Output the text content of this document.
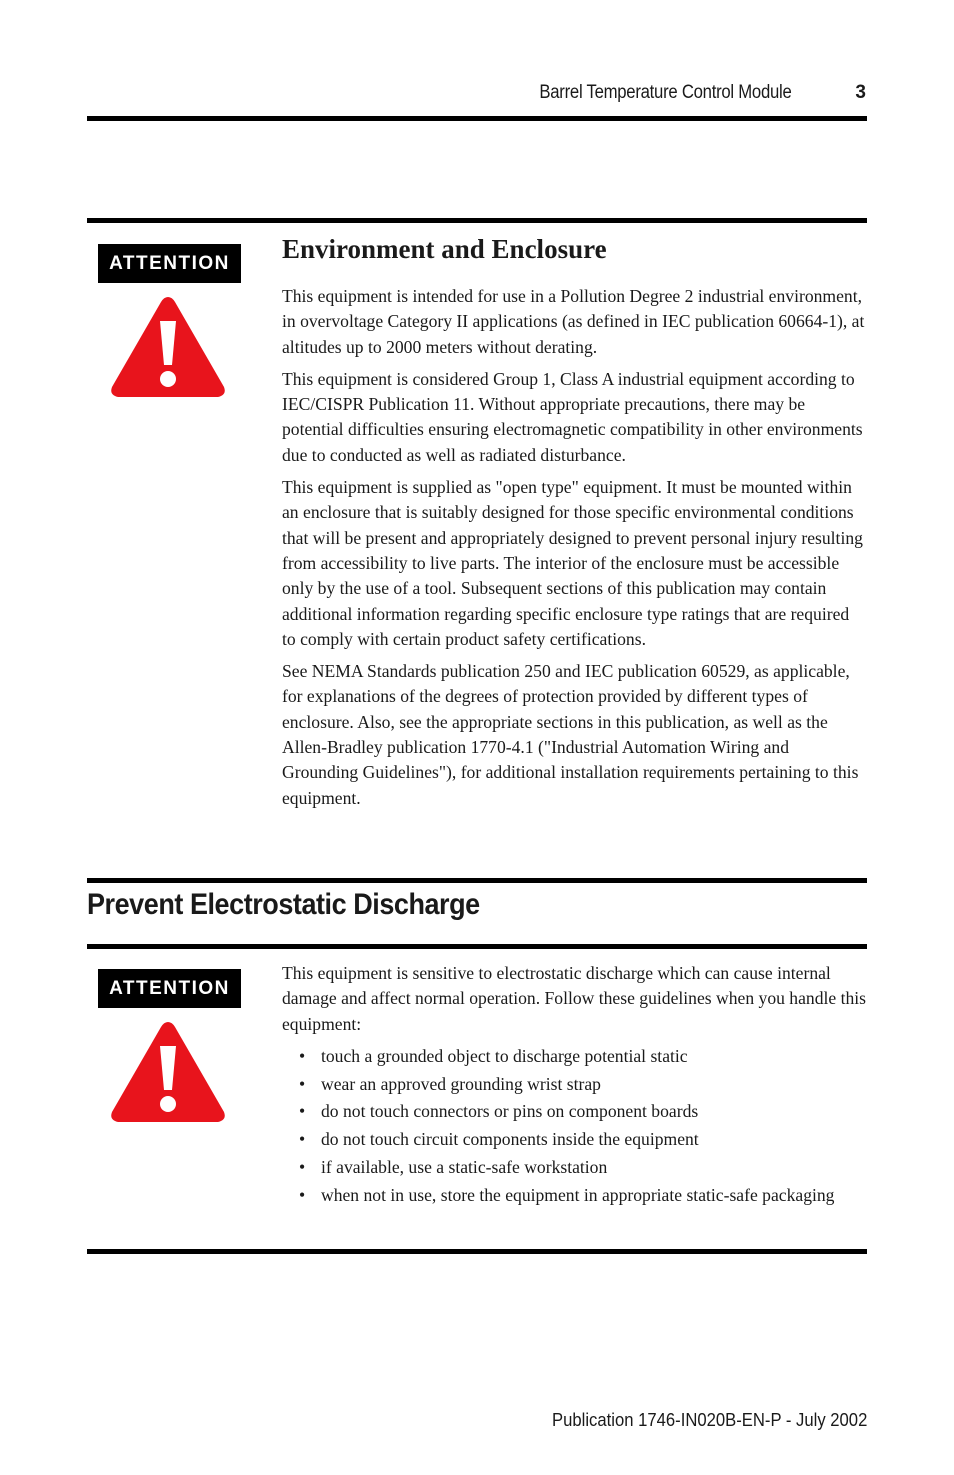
Barrel Temperature Control Module	3
ATTENTION	Environment and Enclosure

This equipment is intended for use in a Pollution Degree 2 industrial environment, in overvoltage Category II applications (as defined in IEC publication 60664-1), at altitudes up to 2000 meters without derating.

This equipment is considered Group 1, Class A industrial equipment according to IEC/CISPR Publication 11. Without appropriate precautions, there may be potential difficulties ensuring electromagnetic compatibility in other environments due to conducted as well as radiated disturbance.

This equipment is supplied as "open type" equipment. It must be mounted within an enclosure that is suitably designed for those specific environmental conditions that will be present and appropriately designed to prevent personal injury resulting from accessibility to live parts. The interior of the enclosure must be accessible only by the use of a tool. Subsequent sections of this publication may contain additional information regarding specific enclosure type ratings that are required to comply with certain product safety certifications.

See NEMA Standards publication 250 and IEC publication 60529, as applicable, for explanations of the degrees of protection provided by different types of enclosure. Also, see the appropriate sections in this publication, as well as the Allen-Bradley publication 1770-4.1 ("Industrial Automation Wiring and Grounding Guidelines"), for additional installation requirements pertaining to this equipment.

Prevent Electrostatic Discharge
ATTENTION

This equipment is sensitive to electrostatic discharge which can cause internal damage and affect normal operation. Follow these guidelines when you handle this equipment:

• touch a grounded object to discharge potential static
• wear an approved grounding wrist strap
• do not touch connectors or pins on component boards
• do not touch circuit components inside the equipment
• if available, use a static-safe workstation
• when not in use, store the equipment in appropriate static-safe packaging
Publication 1746-IN020B-EN-P - July 2002
